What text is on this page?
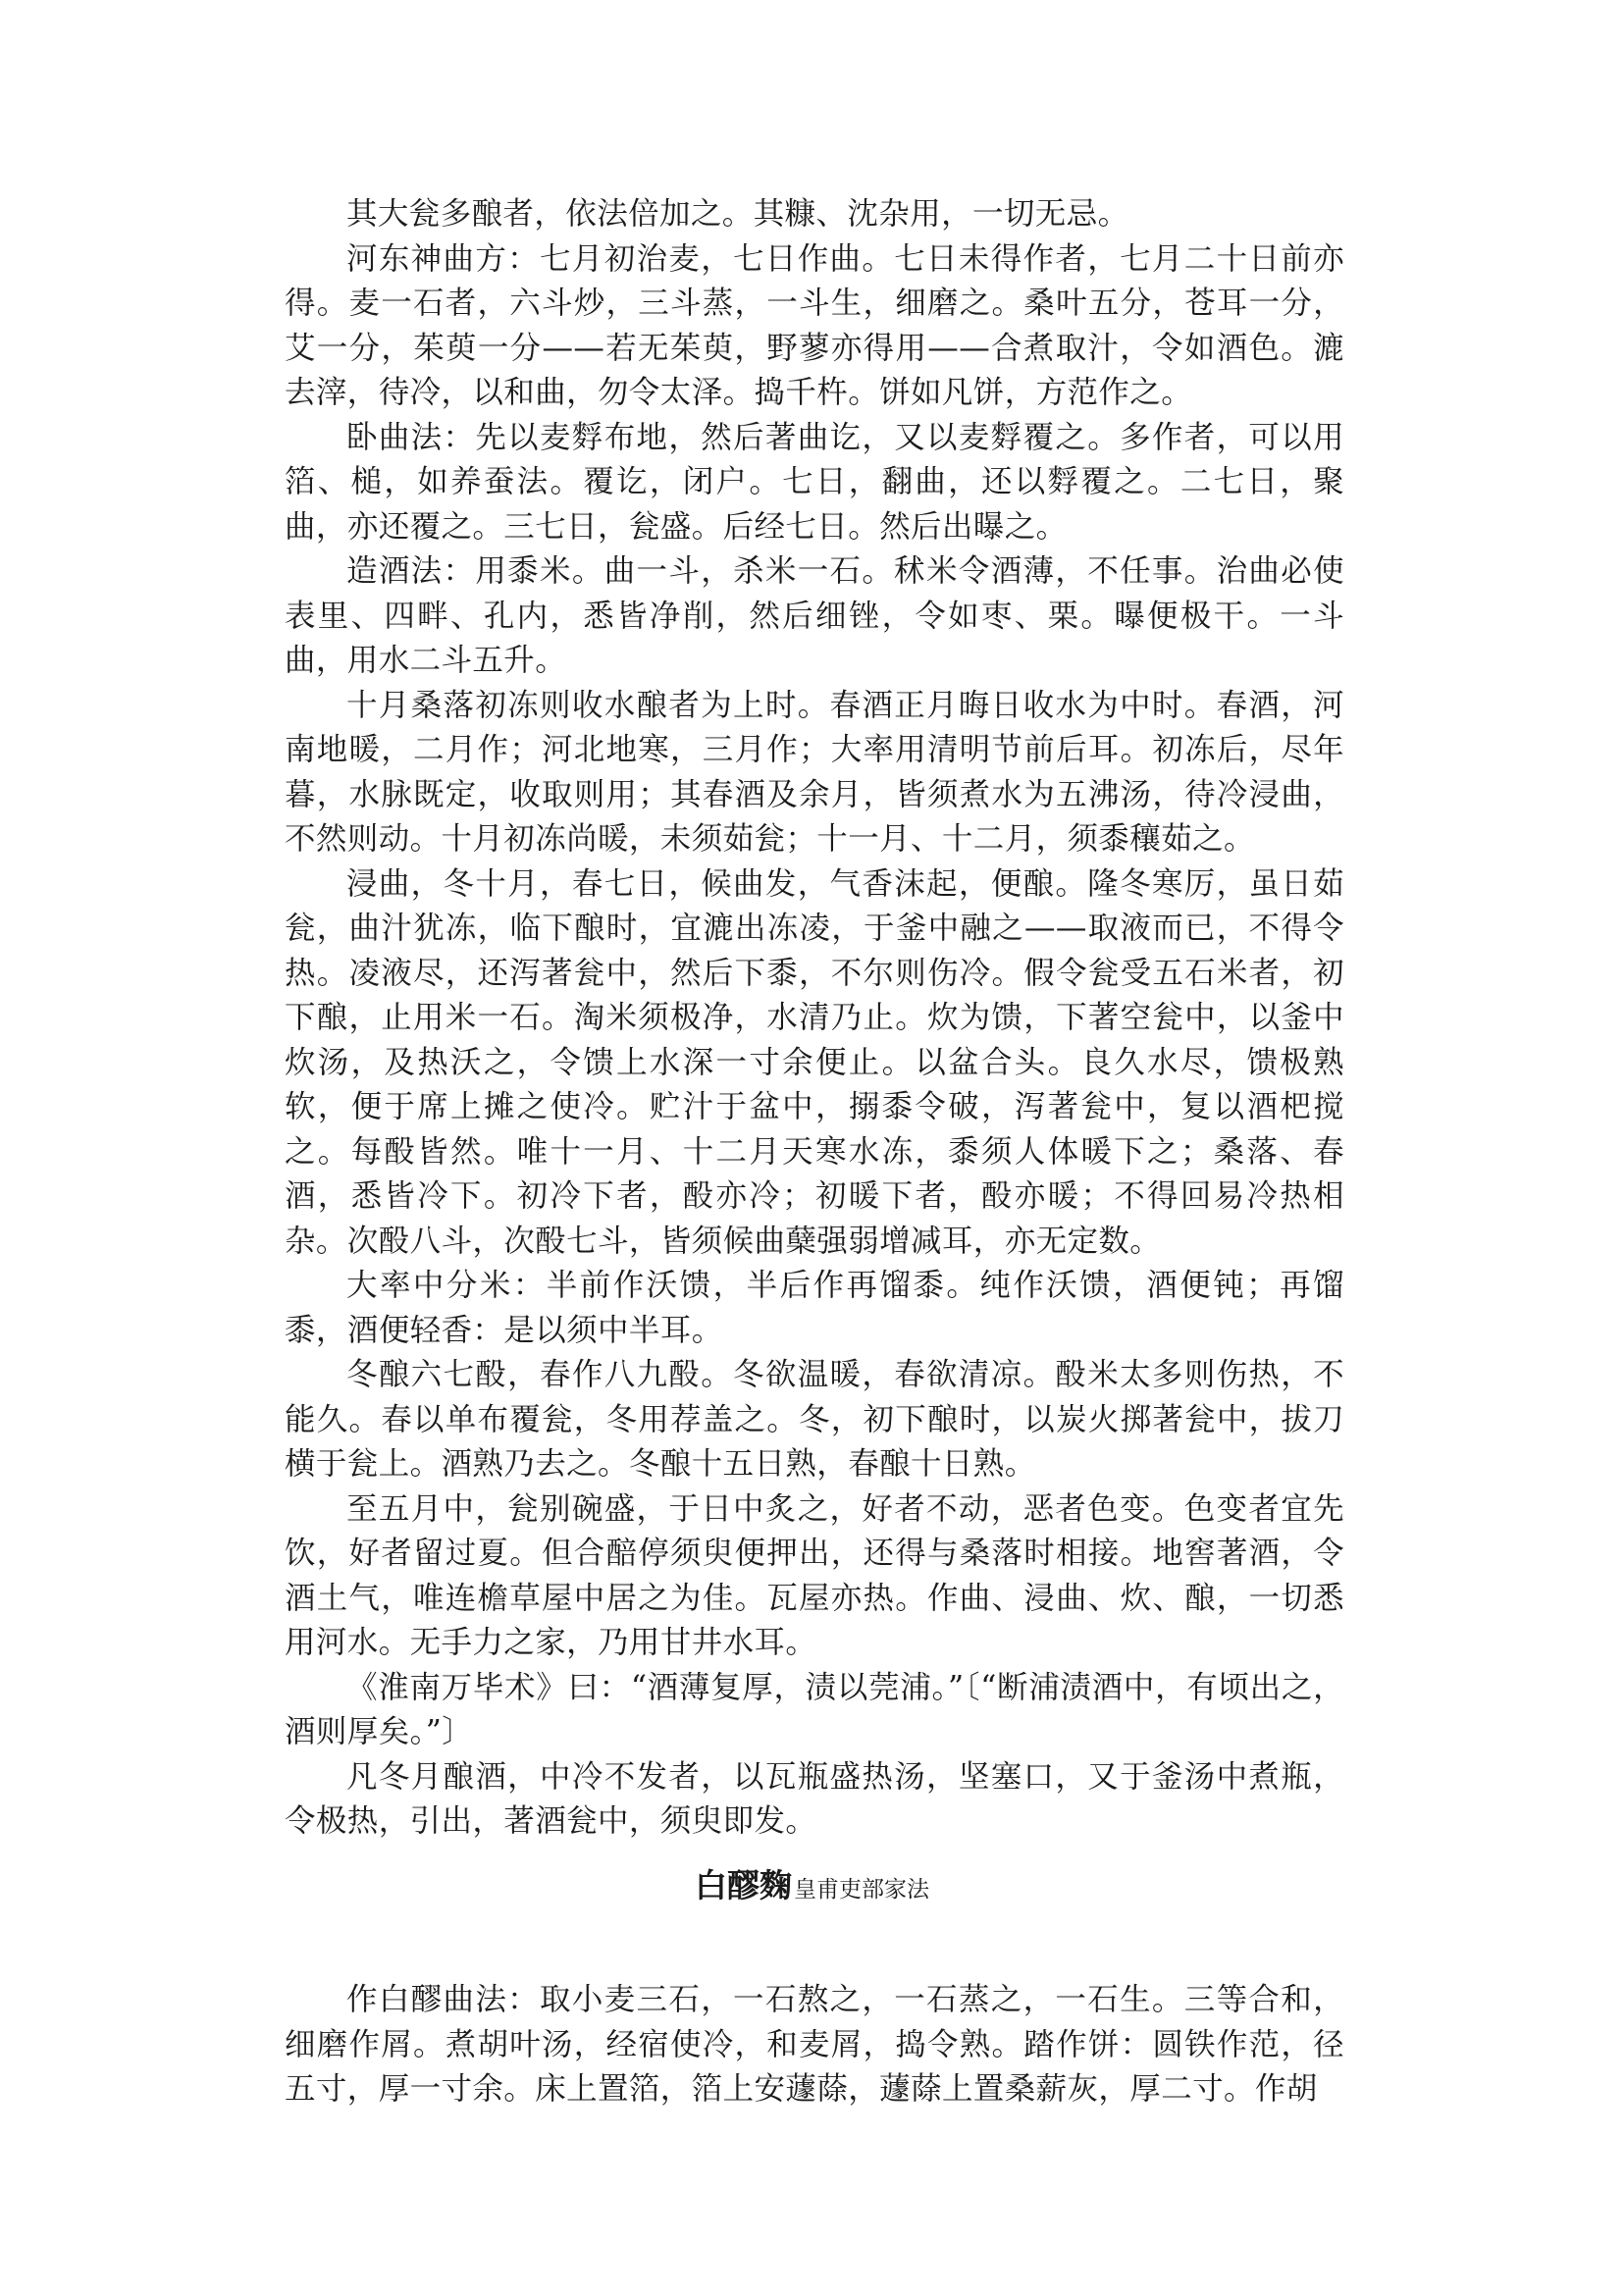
其大瓮多酿者，依法倍加之。其糠、沈杂用，一切无忌。

河东神曲方：七月初治麦，七日作曲。七日未得作者，七月二十日前亦得。麦一石者，六斗炒，三斗蒸，一斗生，细磨之。桑叶五分，苍耳一分，艾一分，茱萸一分——若无茱萸，野蓼亦得用——合煮取汁，令如酒色。漉去滓，待冷，以和曲，勿令太泽。捣千杵。饼如凡饼，方范作之。

卧曲法：先以麦䴸布地，然后著曲讫，又以麦䴸覆之。多作者，可以用箔、槌，如养蚕法。覆讫，闭户。七日，翻曲，还以䴸覆之。二七日，聚曲，亦还覆之。三七日，瓮盛。后经七日。然后出曝之。

造酒法：用黍米。曲一斗，杀米一石。秫米令酒薄，不任事。治曲必使表里、四畔、孔内，悉皆净削，然后细锉，令如枣、栗。曝便极干。一斗曲，用水二斗五升。

十月桑落初冻则收水酿者为上时。春酒正月晦日收水为中时。春酒，河南地暖，二月作；河北地寒，三月作；大率用清明节前后耳。初冻后，尽年暮，水脉既定，收取则用；其春酒及余月，皆须煮水为五沸汤，待冷浸曲，不然则动。十月初冻尚暖，未须茹瓮；十一月、十二月，须黍穰茹之。

浸曲，冬十月，春七日，候曲发，气香沫起，便酿。隆冬寒厉，虽日茹瓮，曲汁犹冻，临下酿时，宜漉出冻凌，于釜中融之——取液而已，不得令热。凌液尽，还泻著瓮中，然后下黍，不尔则伤冷。假令瓮受五石米者，初下酿，止用米一石。淘米须极净，水清乃止。炊为馈，下著空瓮中，以釜中炊汤，及热沃之，令馈上水深一寸余便止。以盆合头。良久水尽，馈极熟软，便于席上摊之使冷。贮汁于盆中，搦黍令破，泻著瓮中，复以酒杷搅之。每酘皆然。唯十一月、十二月天寒水冻，黍须人体暖下之；桑落、春酒，悉皆冷下。初冷下者，酘亦冷；初暖下者，酘亦暖；不得回易冷热相杂。次酘八斗，次酘七斗，皆须候曲蘖强弱增减耳，亦无定数。

大率中分米：半前作沃馈，半后作再馏黍。纯作沃馈，酒便钝；再馏黍，酒便轻香：是以须中半耳。

冬酿六七酘，春作八九酘。冬欲温暖，春欲清凉。酘米太多则伤热，不能久。春以单布覆瓮，冬用荐盖之。冬，初下酿时，以炭火掷著瓮中，拔刀横于瓮上。酒熟乃去之。冬酿十五日熟，春酿十日熟。

至五月中，瓮别碗盛，于日中炙之，好者不动，恶者色变。色变者宜先饮，好者留过夏。但合醅停须臾便押出，还得与桑落时相接。地窖著酒，令酒土气，唯连檐草屋中居之为佳。瓦屋亦热。作曲、浸曲、炊、酿，一切悉用河水。无手力之家，乃用甘井水耳。

《淮南万毕术》曰：“酒薄复厚，渍以莞浦。”〔“断浦渍酒中，有顷出之，酒则厚矣。”〕

凡冬月酿酒，中冷不发者，以瓦瓶盛热汤，坚塞口，又于釜汤中煮瓶，令极热，引出，著酒瓮中，须臾即发。

白醪麴皇甫吏部家法

作白醪曲法：取小麦三石，一石熬之，一石蒸之，一石生。三等合和，细磨作屑。煮胡叶汤，经宿使冷，和麦屑，捣令熟。踏作饼：圆铁作范，径五寸，厚一寸余。床上置箔，箔上安蘧蒢，蘧蒢上置桑薪灰，厚二寸。作胡
